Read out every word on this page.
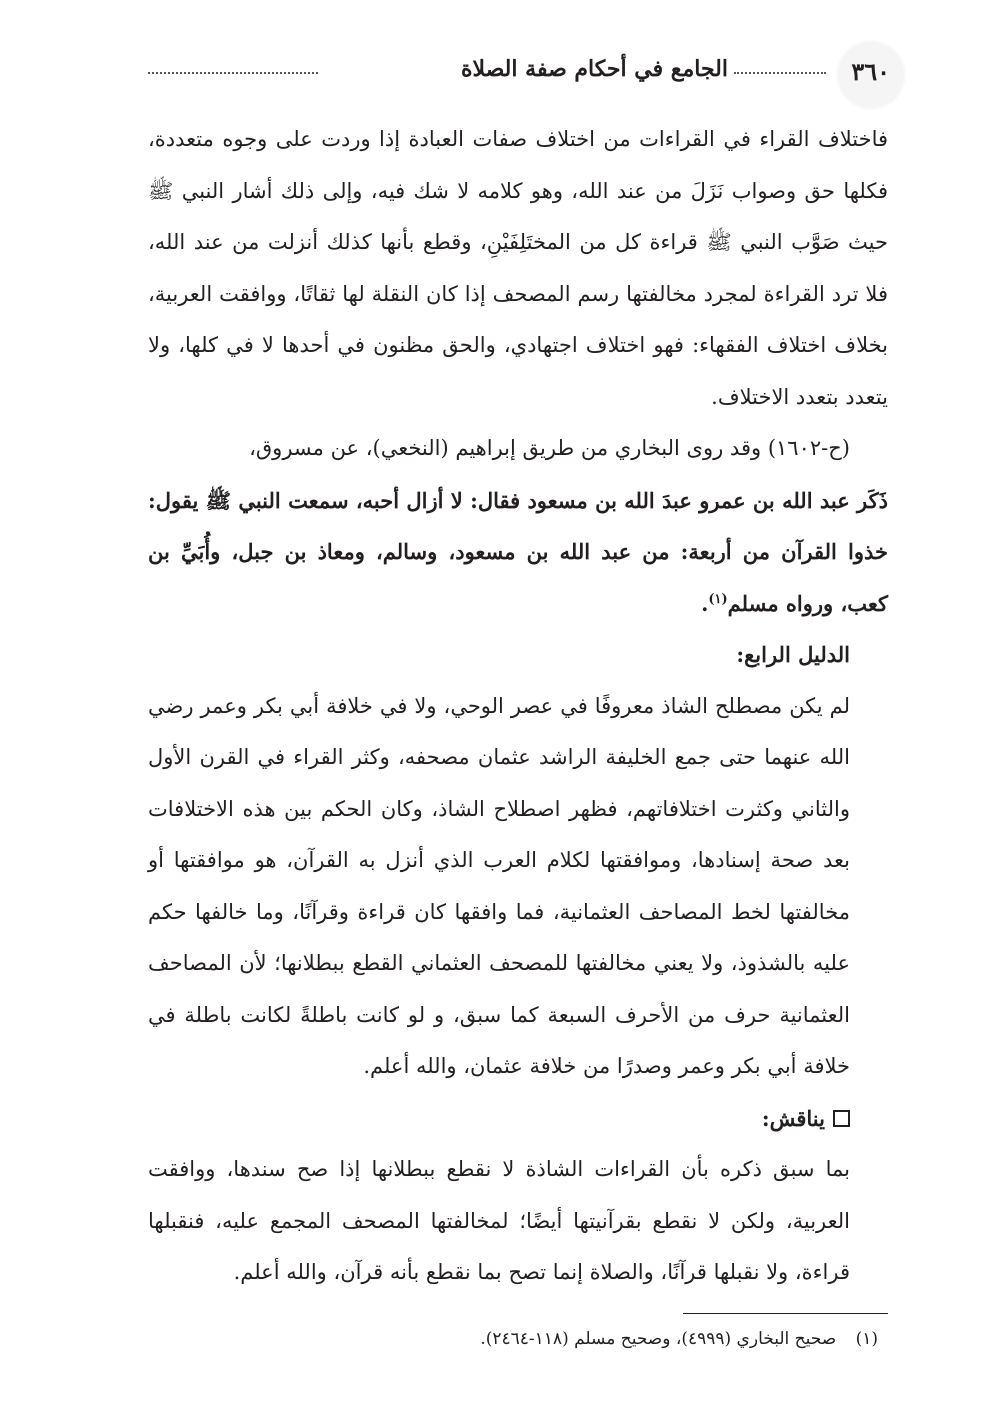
٣٦٠
الجامع في أحكام صفة الصلاة

فاختلاف القراء في القراءات من اختلاف صفات العبادة إذا وردت على وجوه متعددة، فكلها حق وصواب نَزَلَ من عند الله، وهو كلامه لا شك فيه، وإلى ذلك أشار النبي ﷺ حيث صَوَّب النبي ﷺ قراءة كل من المختَلِفَيْنِ، وقطع بأنها كذلك أنزلت من عند الله، فلا ترد القراءة لمجرد مخالفتها رسم المصحف إذا كان النقلة لها ثقاتًا، ووافقت العربية، بخلاف اختلاف الفقهاء: فهو اختلاف اجتهادي، والحق مظنون في أحدها لا في كلها، ولا يتعدد بتعدد الاختلاف.

(ح-١٦٠٢) وقد روى البخاري من طريق إبراهيم (النخعي)، عن مسروق،

ذَكَر عبد الله بن عمرو عبدَ الله بن مسعود فقال: لا أزال أحبه، سمعت النبي ﷺ يقول: خذوا القرآن من أربعة: من عبد الله بن مسعود، وسالم، ومعاذ بن جبل، وأُبَيِّ بن كعب، ورواه مسلم$^{(١)}$.

الدليل الرابع:

لم يكن مصطلح الشاذ معروفًا في عصر الوحي، ولا في خلافة أبي بكر وعمر رضي الله عنهما حتى جمع الخليفة الراشد عثمان مصحفه، وكثر القراء في القرن الأول والثاني وكثرت اختلافاتهم، فظهر اصطلاح الشاذ، وكان الحكم بين هذه الاختلافات بعد صحة إسنادها، وموافقتها لكلام العرب الذي أنزل به القرآن، هو موافقتها أو مخالفتها لخط المصاحف العثمانية، فما وافقها كان قراءة وقرآنًا، وما خالفها حكم عليه بالشذوذ، ولا يعني مخالفتها للمصحف العثماني القطع ببطلانها؛ لأن المصاحف العثمانية حرف من الأحرف السبعة كما سبق، و لو كانت باطلةً لكانت باطلة في خلافة أبي بكر وعمر وصدرًا من خلافة عثمان، والله أعلم.

يناقش:

بما سبق ذكره بأن القراءات الشاذة لا نقطع ببطلانها إذا صح سندها، ووافقت العربية، ولكن لا نقطع بقرآنيتها أيضًا؛ لمخالفتها المصحف المجمع عليه، فنقبلها قراءة، ولا نقبلها قرآنًا، والصلاة إنما تصح بما نقطع بأنه قرآن، والله أعلم.

(١) صحيح البخاري (٤٩٩٩)، وصحيح مسلم (١١٨-٢٤٦٤).
